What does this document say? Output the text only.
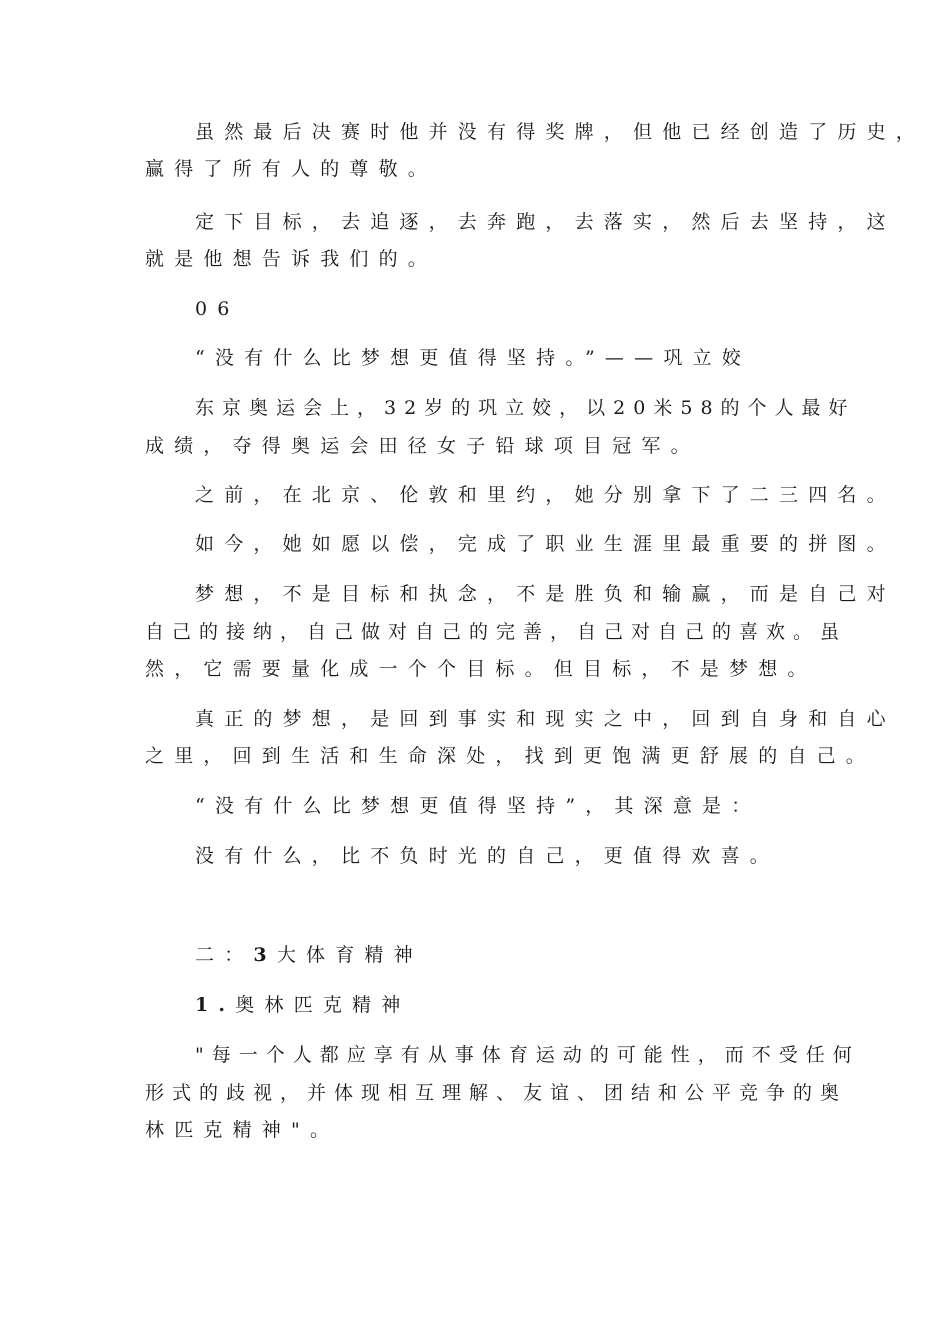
虽然最后决赛时他并没有得奖牌，但他已经创造了历史，
赢得了所有人的尊敬。
定下目标，去追逐，去奔跑，去落实，然后去坚持，这
就是他想告诉我们的。
06
“没有什么比梦想更值得坚持。”——巩立姣
东京奥运会上，32岁的巩立姣，以20米58的个人最好
成绩，夺得奥运会田径女子铅球项目冠军。
之前，在北京、伦敦和里约，她分别拿下了二三四名。
如今，她如愿以偿，完成了职业生涯里最重要的拼图。
梦想，不是目标和执念，不是胜负和输赢，而是自己对
自己的接纳，自己做对自己的完善，自己对自己的喜欢。虽
然，它需要量化成一个个目标。但目标，不是梦想。
真正的梦想，是回到事实和现实之中，回到自身和自心
之里，回到生活和生命深处，找到更饱满更舒展的自己。
“没有什么比梦想更值得坚持”，其深意是：
没有什么，比不负时光的自己，更值得欢喜。
二：3大体育精神
1.奥林匹克精神
"每一个人都应享有从事体育运动的可能性，而不受任何
形式的歧视，并体现相互理解、友谊、团结和公平竞争的奥
林匹克精神"。
